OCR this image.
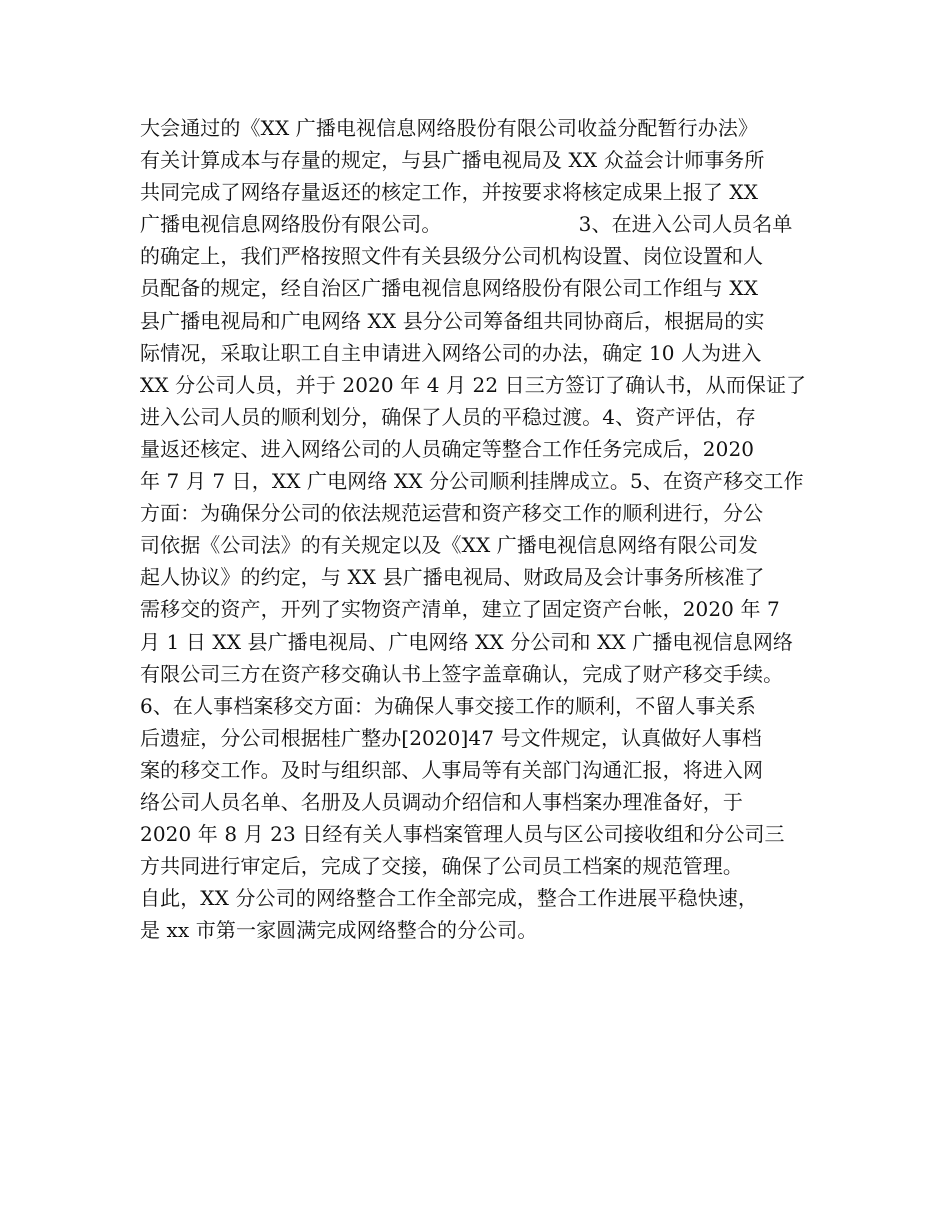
大会通过的《XX 广播电视信息网络股份有限公司收益分配暂行办法》
有关计算成本与存量的规定，与县广播电视局及 XX 众益会计师事务所
共同完成了网络存量返还的核定工作，并按要求将核定成果上报了 XX
广播电视信息网络股份有限公司。　　　　　　　 3、在进入公司人员名单
的确定上，我们严格按照文件有关县级分公司机构设置、岗位设置和人
员配备的规定，经自治区广播电视信息网络股份有限公司工作组与 XX
县广播电视局和广电网络 XX 县分公司筹备组共同协商后，根据局的实
际情况，采取让职工自主申请进入网络公司的办法，确定 10 人为进入
XX 分公司人员，并于 2020 年 4 月 22 日三方签订了确认书，从而保证了
进入公司人员的顺利划分，确保了人员的平稳过渡。4、资产评估，存
量返还核定、进入网络公司的人员确定等整合工作任务完成后，2020
年 7 月 7 日，XX 广电网络 XX 分公司顺利挂牌成立。5、在资产移交工作
方面：为确保分公司的依法规范运营和资产移交工作的顺利进行，分公
司依据《公司法》的有关规定以及《XX 广播电视信息网络有限公司发
起人协议》的约定，与 XX 县广播电视局、财政局及会计事务所核准了
需移交的资产，开列了实物资产清单，建立了固定资产台帐，2020 年 7
月 1 日 XX 县广播电视局、广电网络 XX 分公司和 XX 广播电视信息网络
有限公司三方在资产移交确认书上签字盖章确认，完成了财产移交手续。
6、在人事档案移交方面：为确保人事交接工作的顺利，不留人事关系
后遗症，分公司根据桂广整办[2020]47 号文件规定，认真做好人事档
案的移交工作。及时与组织部、人事局等有关部门沟通汇报，将进入网
络公司人员名单、名册及人员调动介绍信和人事档案办理准备好，于
2020 年 8 月 23 日经有关人事档案管理人员与区公司接收组和分公司三
方共同进行审定后，完成了交接，确保了公司员工档案的规范管理。
自此，XX 分公司的网络整合工作全部完成，整合工作进展平稳快速，
是 xx 市第一家圆满完成网络整合的分公司。
